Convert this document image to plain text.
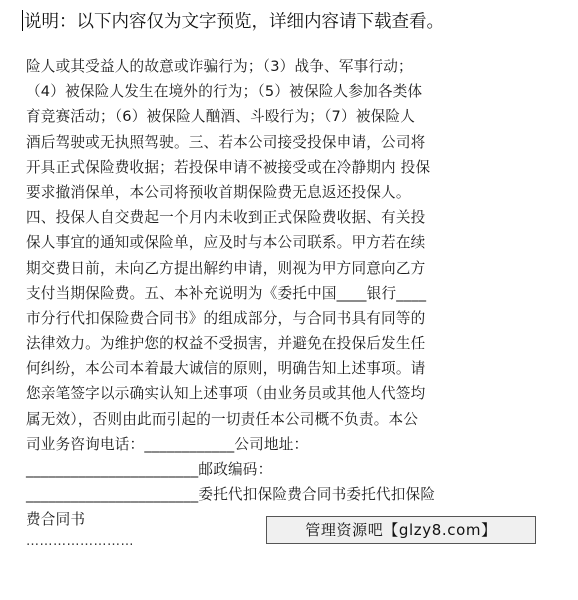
说明：以下内容仅为文字预览，详细内容请下载查看。
险人或其受益人的故意或诈骗行为；（3）战争、军事行动；
（4）被保险人发生在境外的行为；（5）被保险人参加各类体
育竞赛活动；（6）被保险人酗酒、斗殴行为；（7）被保险人
酒后驾驶或无执照驾驶。三、若本公司接受投保申请，公司将
开具正式保险费收据；若投保申请不被接受或在冷静期内 投保
要求撤消保单，本公司将预收首期保险费无息返还投保人。
四、投保人自交费起一个月内未收到正式保险费收据、有关投
保人事宜的通知或保险单，应及时与本公司联系。甲方若在续
期交费日前，未向乙方提出解约申请，则视为甲方同意向乙方
支付当期保险费。五、本补充说明为《委托中国____银行____
市分行代扣保险费合同书》的组成部分，与合同书具有同等的
法律效力。为维护您的权益不受损害，并避免在投保后发生任
何纠纷，本公司本着最大诚信的原则，明确告知上述事项。请
您亲笔签字以示确实认知上述事项（由业务员或其他人代签均
属无效），否则由此而引起的一切责任本公司概不负责。本公
司业务咨询电话：____________公司地址：
_______________________邮政编码：
_______________________委托代扣保险费合同书委托代扣保险
费合同书
……………………
管理资源吧【glzy8.com】
